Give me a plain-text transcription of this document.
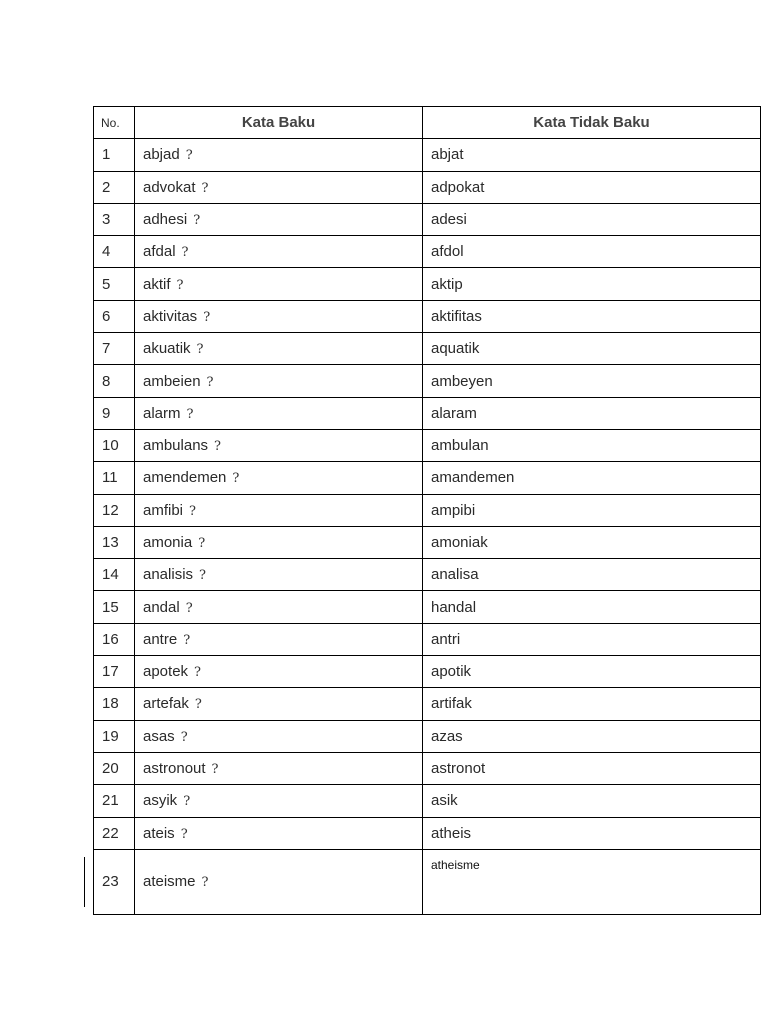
No.	Kata Baku	Kata Tidak Baku
1	abjad ?	abjat
2	advokat ?	adpokat
3	adhesi ?	adesi
4	afdal ?	afdol
5	aktif ?	aktip
6	aktivitas ?	aktifitas
7	akuatik ?	aquatik
8	ambeien ?	ambeyen
9	alarm ?	alaram
10	ambulans ?	ambulan
11	amendemen ?	amandemen
12	amfibi ?	ampibi
13	amonia ?	amoniak
14	analisis ?	analisa
15	andal ?	handal
16	antre ?	antri
17	apotek ?	apotik
18	artefak ?	artifak
19	asas ?	azas
20	astronout ?	astronot
21	asyik ?	asik
22	ateis ?	atheis
23	ateisme ?	atheisme
